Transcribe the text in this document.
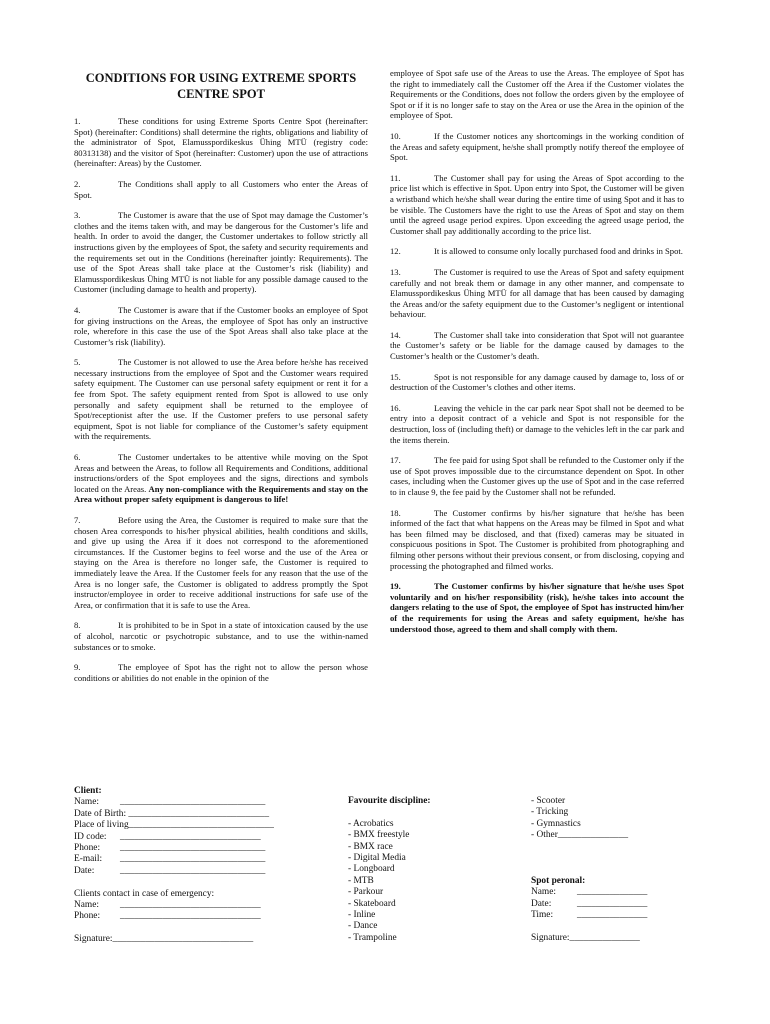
CONDITIONS FOR USING EXTREME SPORTS CENTRE SPOT
1.	These conditions for using Extreme Sports Centre Spot (hereinafter: Spot) (hereinafter: Conditions) shall determine the rights, obligations and liability of the administrator of Spot, Elamusspordikeskus Ühing MTÜ (registry code: 80313138) and the visitor of Spot (hereinafter: Customer) upon the use of attractions (hereinafter: Areas) by the Customer.
2.	The Conditions shall apply to all Customers who enter the Areas of Spot.
3.	The Customer is aware that the use of Spot may damage the Customer’s clothes and the items taken with, and may be dangerous for the Customer’s life and health. In order to avoid the danger, the Customer undertakes to follow strictly all instructions given by the employees of Spot, the safety and security requirements and the requirements set out in the Conditions (hereinafter jointly: Requirements). The use of the Spot Areas shall take place at the Customer’s risk (liability) and Elamusspordikeskus Ühing MTÜ is not liable for any possible damage caused to the Customer (including damage to health and property).
4.	The Customer is aware that if the Customer books an employee of Spot for giving instructions on the Areas, the employee of Spot has only an instructive role, wherefore in this case the use of the Spot Areas shall also take place at the Customer’s risk (liability).
5.	The Customer is not allowed to use the Area before he/she has received necessary instructions from the employee of Spot and the Customer wears required safety equipment. The Customer can use personal safety equipment or rent it for a fee from Spot. The safety equipment rented from Spot is allowed to use only personally and safety equipment shall be returned to the employee of Spot/receptionist after the use. If the Customer prefers to use personal safety equipment, Spot is not liable for compliance of the Customer’s safety equipment with the requirements.
6.	The Customer undertakes to be attentive while moving on the Spot Areas and between the Areas, to follow all Requirements and Conditions, additional instructions/orders of the Spot employees and the signs, directions and symbols located on the Areas. Any non-compliance with the Requirements and stay on the Area without proper safety equipment is dangerous to life!
7.	Before using the Area, the Customer is required to make sure that the chosen Area corresponds to his/her physical abilities, health conditions and skills, and give up using the Area if it does not correspond to the aforementioned circumstances. If the Customer begins to feel worse and the use of the Area or staying on the Area is therefore no longer safe, the Customer is required to immediately leave the Area. If the Customer feels for any reason that the use of the Area is no longer safe, the Customer is obligated to address promptly the Spot instructor/employee in order to receive additional instructions for safe use of the Area, or confirmation that it is safe to use the Area.
8.	It is prohibited to be in Spot in a state of intoxication caused by the use of alcohol, narcotic or psychotropic substance, and to use the within-named substances or to smoke.
9.	The employee of Spot has the right not to allow the person whose conditions or abilities do not enable in the opinion of the
employee of Spot safe use of the Areas to use the Areas. The employee of Spot has the right to immediately call the Customer off the Area if the Customer violates the Requirements or the Conditions, does not follow the orders given by the employee of Spot or if it is no longer safe to stay on the Area or use the Area in the opinion of the employee of Spot.
10.	If the Customer notices any shortcomings in the working condition of the Areas and safety equipment, he/she shall promptly notify thereof the employee of Spot.
11.	The Customer shall pay for using the Areas of Spot according to the price list which is effective in Spot. Upon entry into Spot, the Customer will be given a wristband which he/she shall wear during the entire time of using Spot and it has to be visible. The Customers have the right to use the Areas of Spot and stay on them until the agreed usage period expires. Upon exceeding the agreed usage period, the Customer shall pay additionally according to the price list.
12.	It is allowed to consume only locally purchased food and drinks in Spot.
13.	The Customer is required to use the Areas of Spot and safety equipment carefully and not break them or damage in any other manner, and compensate to Elamusspordikeskus Ühing MTÜ for all damage that has been caused by damaging the Areas and/or the safety equipment due to the Customer’s negligent or intentional behaviour.
14.	The Customer shall take into consideration that Spot will not guarantee the Customer’s safety or be liable for the damage caused by damages to the Customer’s health or the Customer’s death.
15.	Spot is not responsible for any damage caused by damage to, loss of or destruction of the Customer’s clothes and other items.
16.	Leaving the vehicle in the car park near Spot shall not be deemed to be entry into a deposit contract of a vehicle and Spot is not responsible for the destruction, loss of (including theft) or damage to the vehicles left in the car park and the items therein.
17.	The fee paid for using Spot shall be refunded to the Customer only if the use of Spot proves impossible due to the circumstance dependent on Spot. In other cases, including when the Customer gives up the use of Spot and in the case referred to in clause 9, the fee paid by the Customer shall not be refunded.
18.	The Customer confirms by his/her signature that he/she has been informed of the fact that what happens on the Areas may be filmed in Spot and what has been filmed may be disclosed, and that (fixed) cameras may be situated in conspicuous positions in Spot. The Customer is prohibited from photographing and filming other persons without their previous consent, or from disclosing, copying and processing the photographed and filmed works.
19.	The Customer confirms by his/her signature that he/she uses Spot voluntarily and on his/her responsibility (risk), he/she takes into account the dangers relating to the use of Spot, the employee of Spot has instructed him/her of the requirements for using the Areas and safety equipment, he/she has understood those, agreed to them and shall comply with them.
Client:
Name:	_______________________________
Date of Birth: ______________________________
Place of living_______________________________
ID code:	______________________________
Phone:	_______________________________
E-mail:	_______________________________
Date:	_______________________________
Clients contact in case of emergency:
Name:	______________________________
Phone:	______________________________
Signature:______________________________
Favourite discipline:
- Acrobatics
- BMX freestyle
- BMX race
- Digital Media
- Longboard
- MTB
- Parkour
- Skateboard
- Inline
- Dance
- Trampoline
- Scooter
- Tricking
- Gymnastics
- Other_______________
Spot peronal:
Name:	_______________
Date:	_______________
Time:	_______________
Signature:_______________
